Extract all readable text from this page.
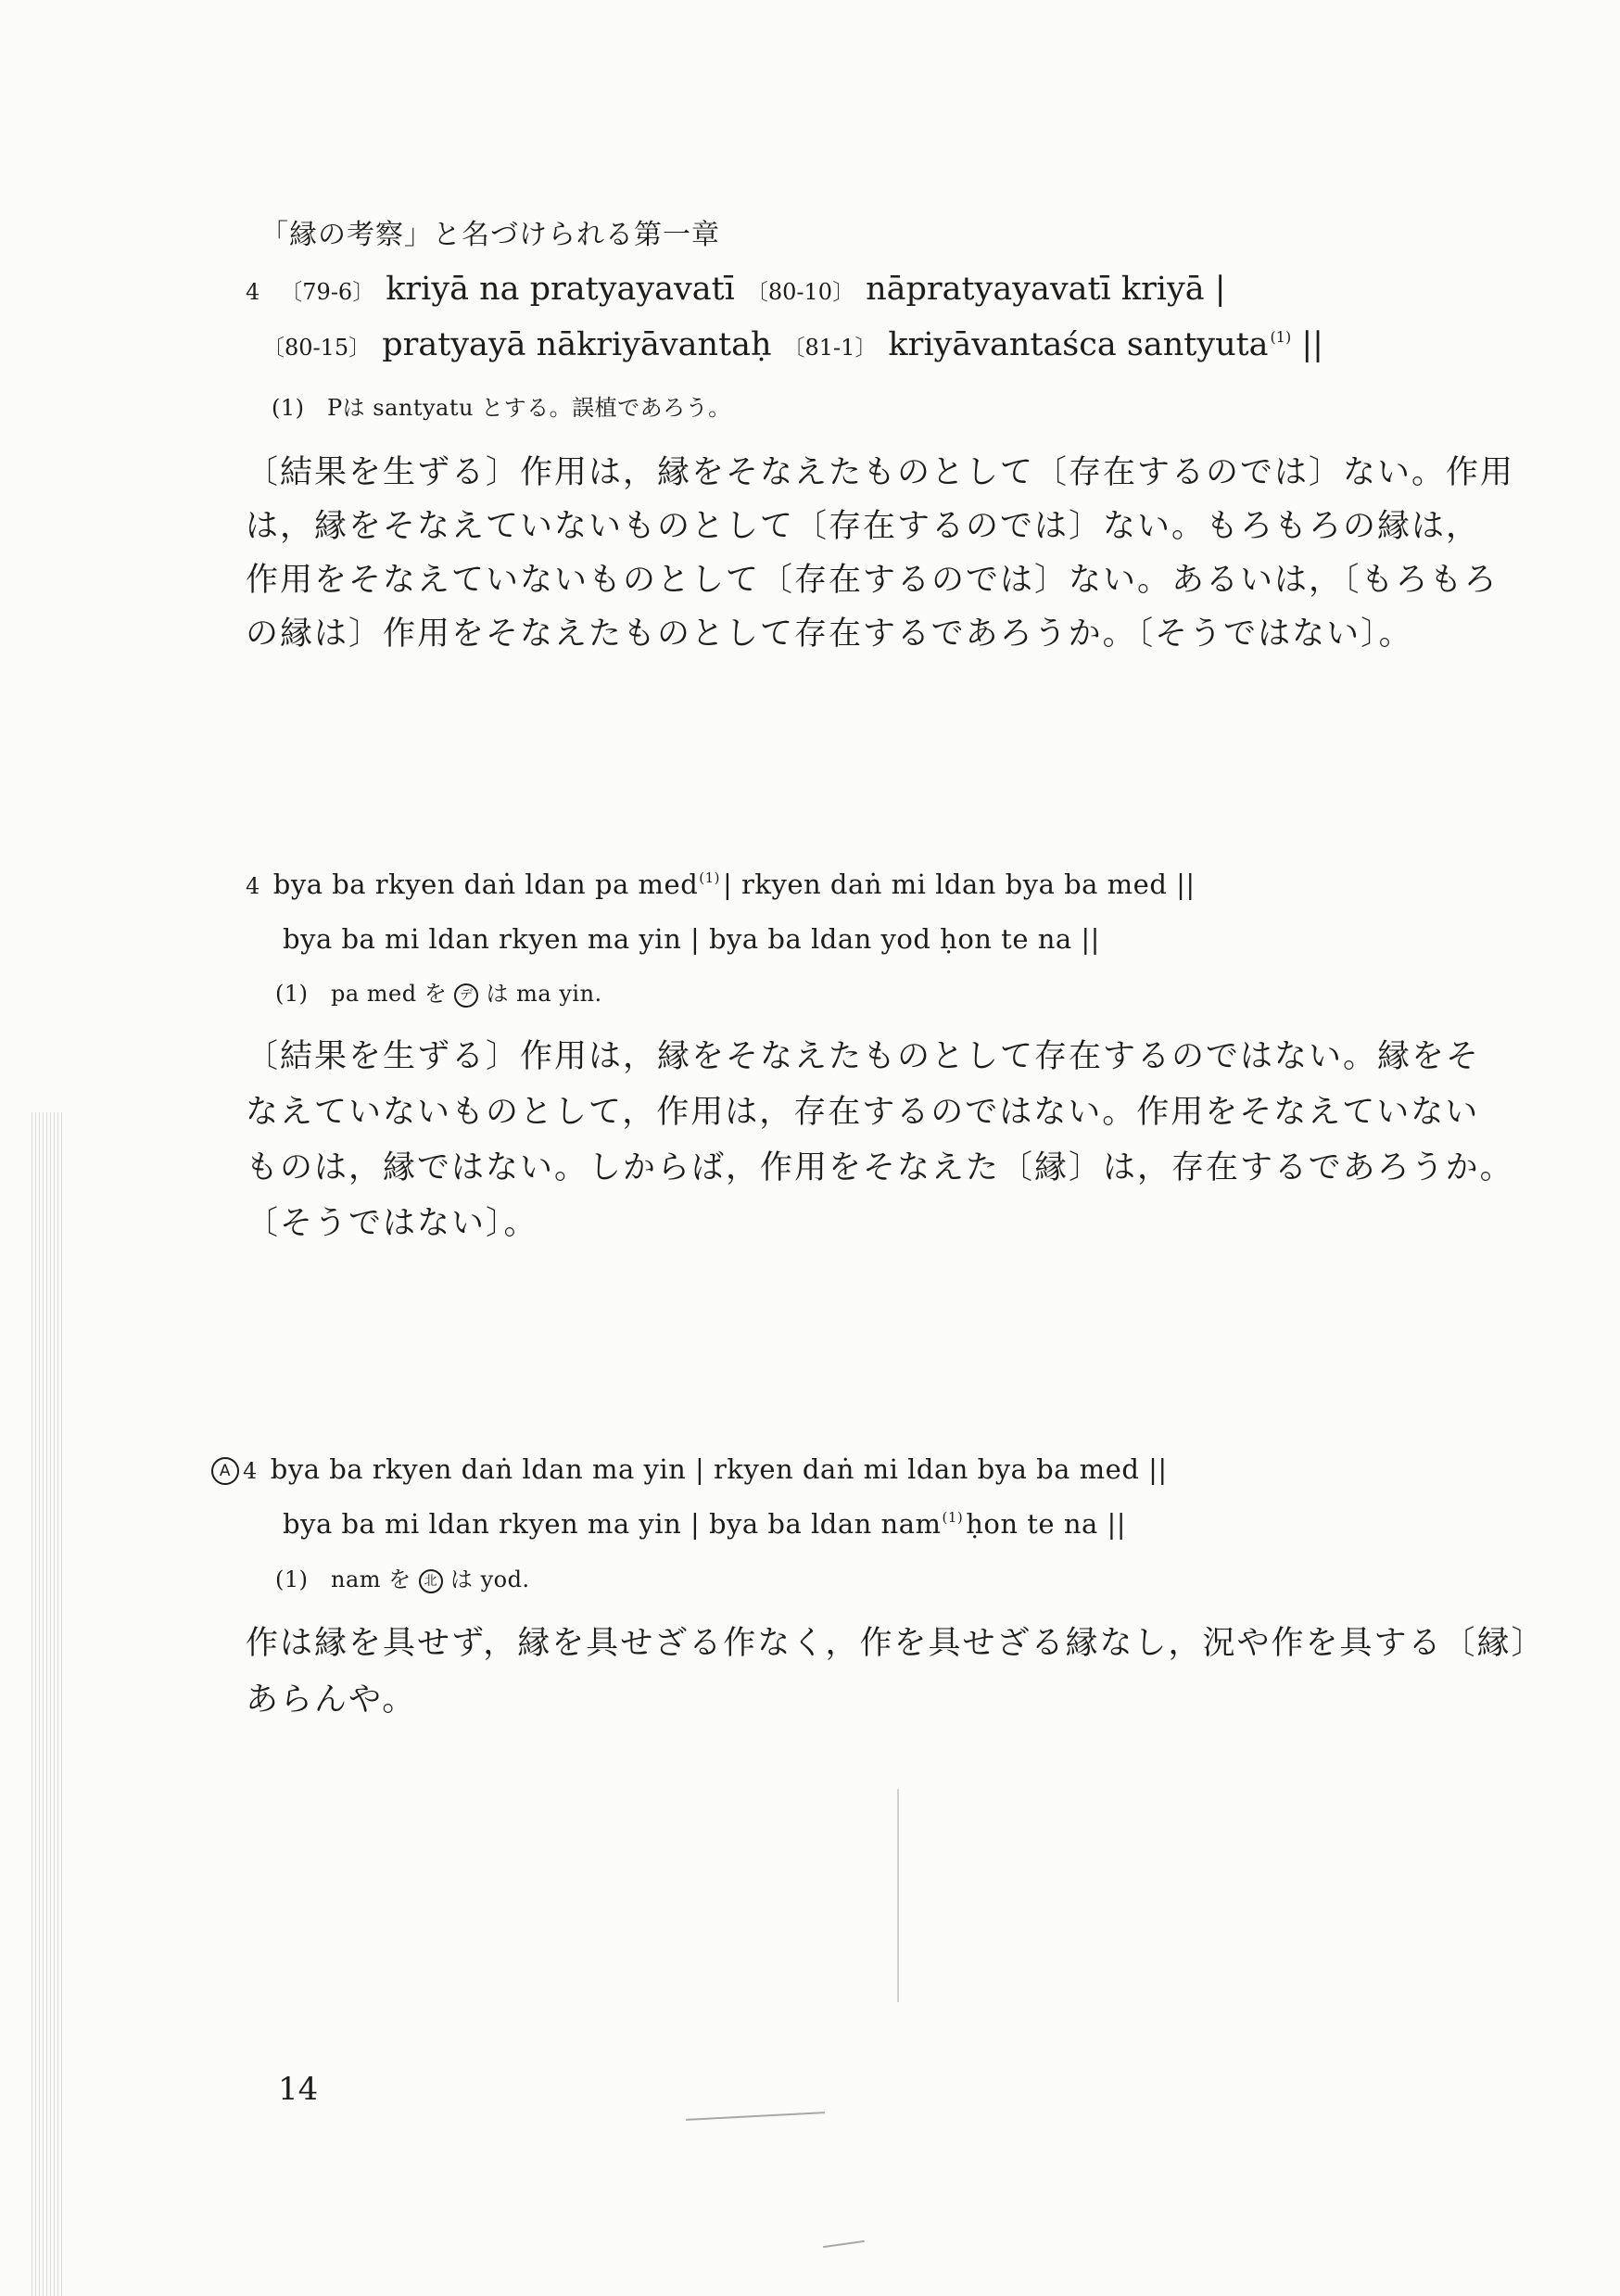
「縁の考察」と名づけられる第一章
4 〔79-6〕 kriyā na pratyayavatī 〔80-10〕 nāpratyayavatī kriyā |
〔80-15〕 pratyayā nākriyāvantaḥ 〔81-1〕 kriyāvantaśca santyuta $^{(1)}$ ||
(1)　Pは santyatu とする。誤植であろう。
〔結果を生ずる〕作用は，縁をそなえたものとして〔存在するのでは〕ない。作用
は，縁をそなえていないものとして〔存在するのでは〕ない。もろもろの縁は，
作用をそなえていないものとして〔存在するのでは〕ない。あるいは，〔もろもろ
の縁は〕作用をそなえたものとして存在するであろうか。〔そうではない〕。
4 bya ba rkyen daṅ ldan pa med$^{(1)}$ | rkyen daṅ mi ldan bya ba med ||
bya ba mi ldan rkyen ma yin | bya ba ldan yod ḥon te na ||
(1)　pa med を デ は ma yin.
〔結果を生ずる〕作用は，縁をそなえたものとして存在するのではない。縁をそ
なえていないものとして，作用は，存在するのではない。作用をそなえていない
ものは，縁ではない。しからば，作用をそなえた〔縁〕は，存在するであろうか。
〔そうではない〕。
A 4 bya ba rkyen daṅ ldan ma yin | rkyen daṅ mi ldan bya ba med ||
bya ba mi ldan rkyen ma yin | bya ba ldan nam$^{(1)}$ ḥon te na ||
(1)　nam を 北 は yod.
作は縁を具せず，縁を具せざる作なく，作を具せざる縁なし，況や作を具する〔縁〕
あらんや。
14
